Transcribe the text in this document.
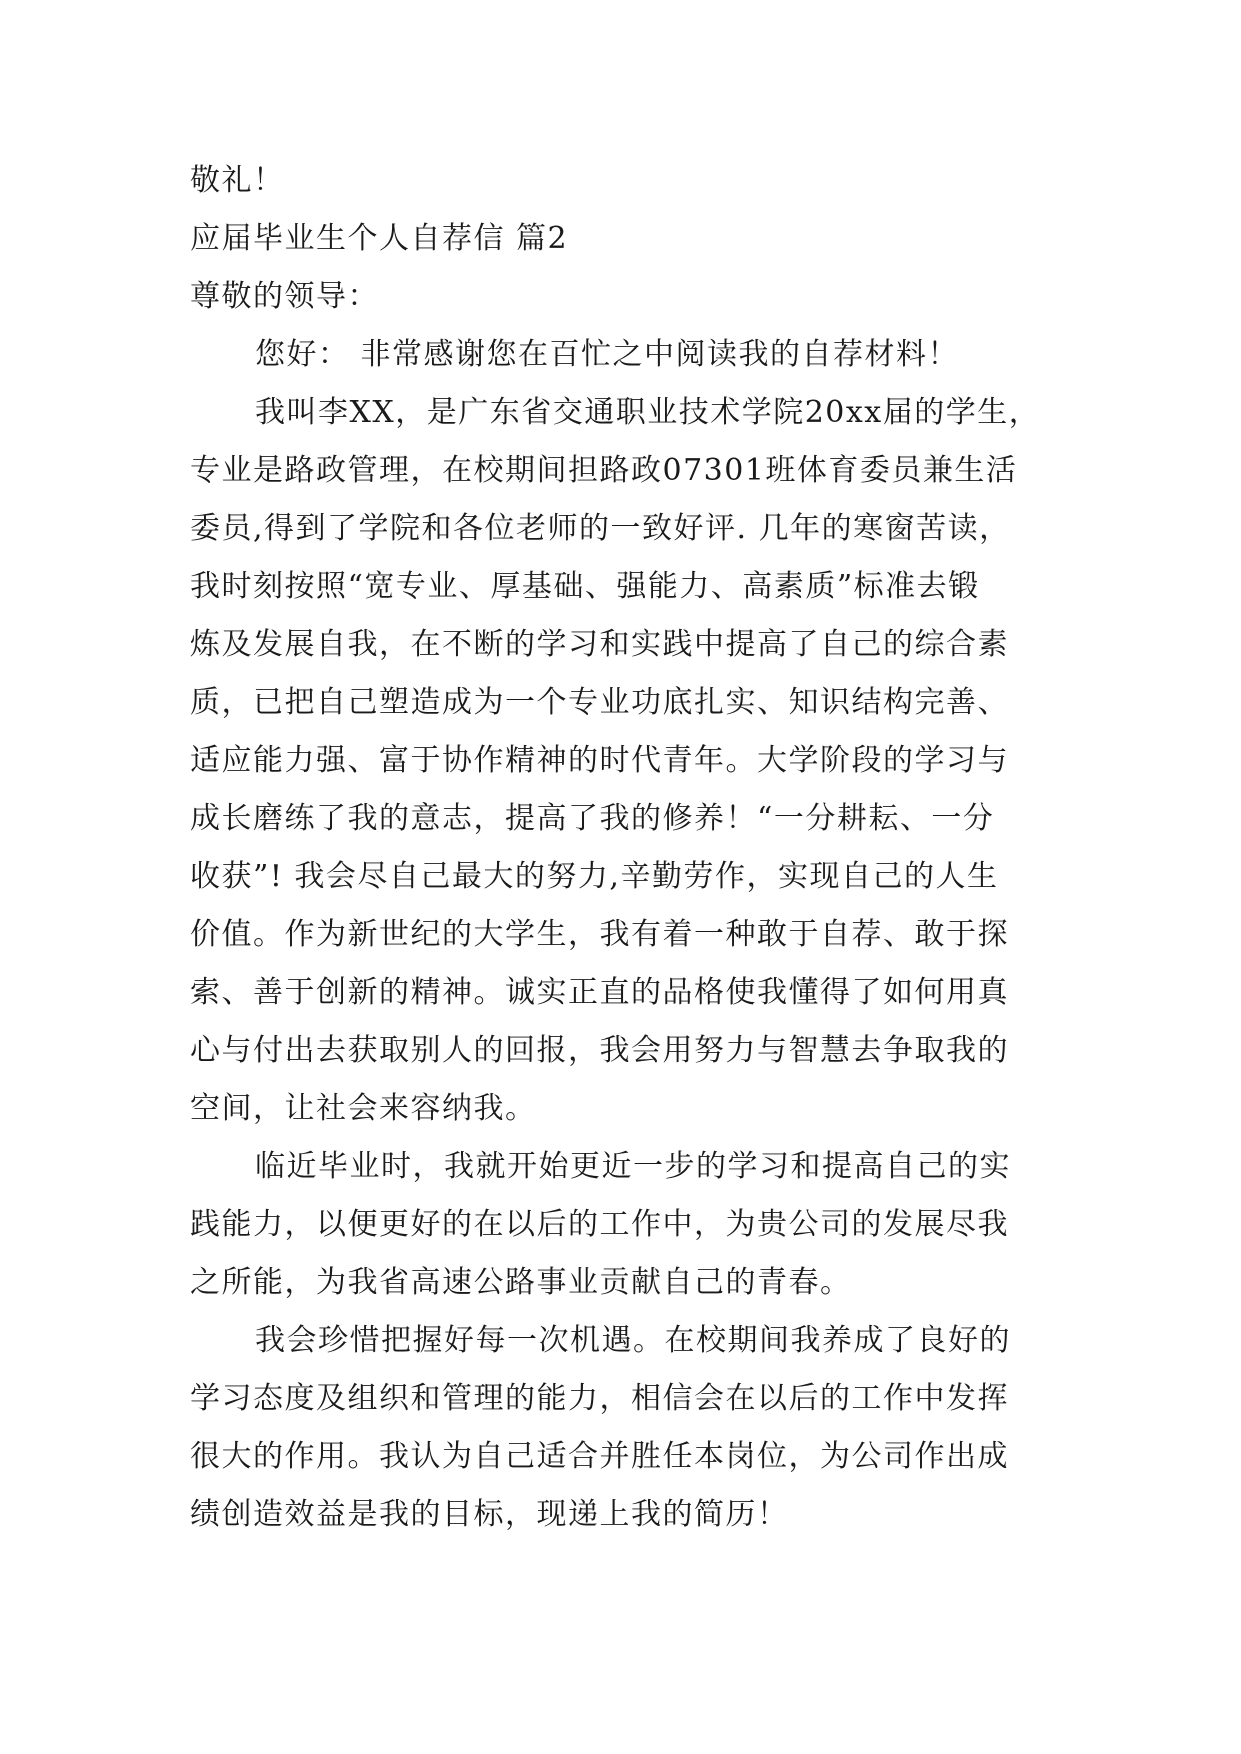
敬礼！
应届毕业生个人自荐信 篇2
尊敬的领导：
您好： 非常感谢您在百忙之中阅读我的自荐材料！
我叫李XX，是广东省交通职业技术学院20xx届的学生，
专业是路政管理，在校期间担路政07301班体育委员兼生活
委员,得到了学院和各位老师的一致好评. 几年的寒窗苦读，
我时刻按照“宽专业、厚基础、强能力、高素质”标准去锻
炼及发展自我，在不断的学习和实践中提高了自己的综合素
质，已把自己塑造成为一个专业功底扎实、知识结构完善、
适应能力强、富于协作精神的时代青年。大学阶段的学习与
成长磨练了我的意志，提高了我的修养！“一分耕耘、一分
收获”! 我会尽自己最大的努力,辛勤劳作，实现自己的人生
价值。作为新世纪的大学生，我有着一种敢于自荐、敢于探
索、善于创新的精神。诚实正直的品格使我懂得了如何用真
心与付出去获取别人的回报，我会用努力与智慧去争取我的
空间，让社会来容纳我。
临近毕业时，我就开始更近一步的学习和提高自己的实
践能力，以便更好的在以后的工作中，为贵公司的发展尽我
之所能，为我省高速公路事业贡献自己的青春。
我会珍惜把握好每一次机遇。在校期间我养成了良好的
学习态度及组织和管理的能力，相信会在以后的工作中发挥
很大的作用。我认为自己适合并胜任本岗位，为公司作出成
绩创造效益是我的目标，现递上我的简历！
